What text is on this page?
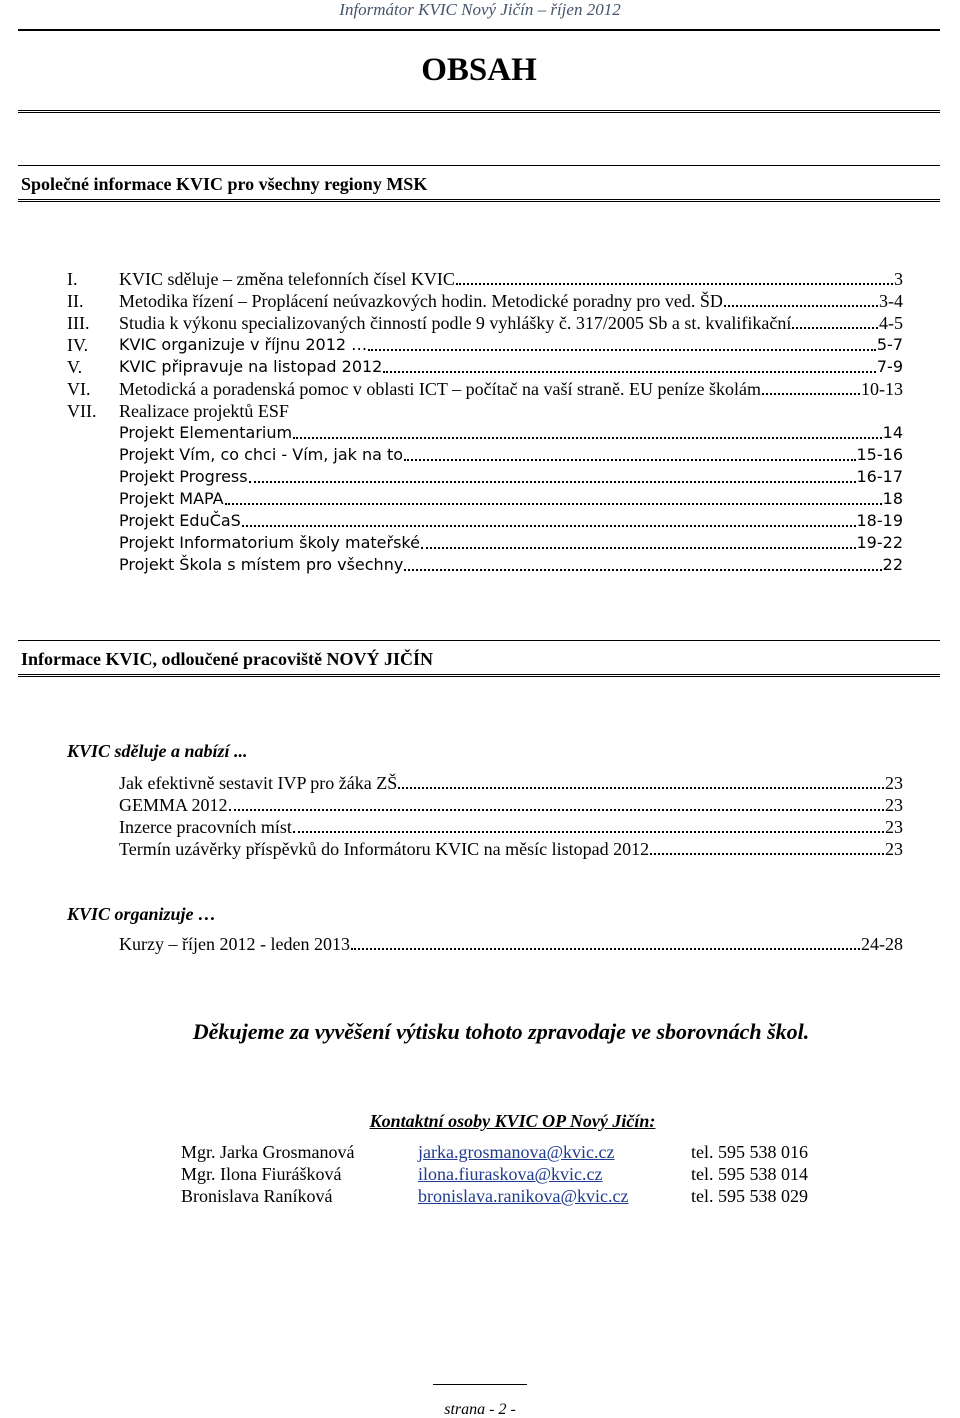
Informátor KVIC Nový Jičín – říjen 2012
OBSAH
Společné informace KVIC pro všechny regiony MSK
I. KVIC sděluje – změna telefonních čísel KVIC	3
II. Metodika řízení – Proplácení neúvazkových hodin. Metodické poradny pro ved. ŠD	3-4
III. Studia k výkonu specializovaných činností podle 9 vyhlášky č. 317/2005 Sb a st. kvalifikační	4-5
IV. KVIC organizuje v říjnu 2012 …	5-7
V. KVIC připravuje na listopad 2012	7-9
VI. Metodická a poradenská pomoc v oblasti ICT – počítač na vaší straně. EU peníze školám	10-13
VII. Realizace projektů ESF
Projekt Elementarium	14
Projekt Vím, co chci - Vím, jak na to	15-16
Projekt Progress	16-17
Projekt MAPA	18
Projekt EduČaS	18-19
Projekt Informatorium školy mateřské	19-22
Projekt Škola s místem pro všechny	22
Informace KVIC, odloučené pracoviště NOVÝ JIČÍN
KVIC sděluje a nabízí ...
Jak efektivně sestavit IVP pro žáka ZŠ	23
GEMMA 2012	23
Inzerce pracovních míst	23
Termín uzávěrky příspěvků do Informátoru KVIC na měsíc listopad 2012	23
KVIC organizuje …
Kurzy – říjen 2012 - leden 2013	24-28
Děkujeme za vyvěšení výtisku tohoto zpravodaje ve sborovnách škol.
Kontaktní osoby KVIC OP Nový Jičín:
Mgr. Jarka Grosmanová	jarka.grosmanova@kvic.cz	tel. 595 538 016
Mgr. Ilona Fiurášková	ilona.fiuraskova@kvic.cz	tel. 595 538 014
Bronislava Raníková	bronislava.ranikova@kvic.cz	tel. 595 538 029
strana - 2 -
